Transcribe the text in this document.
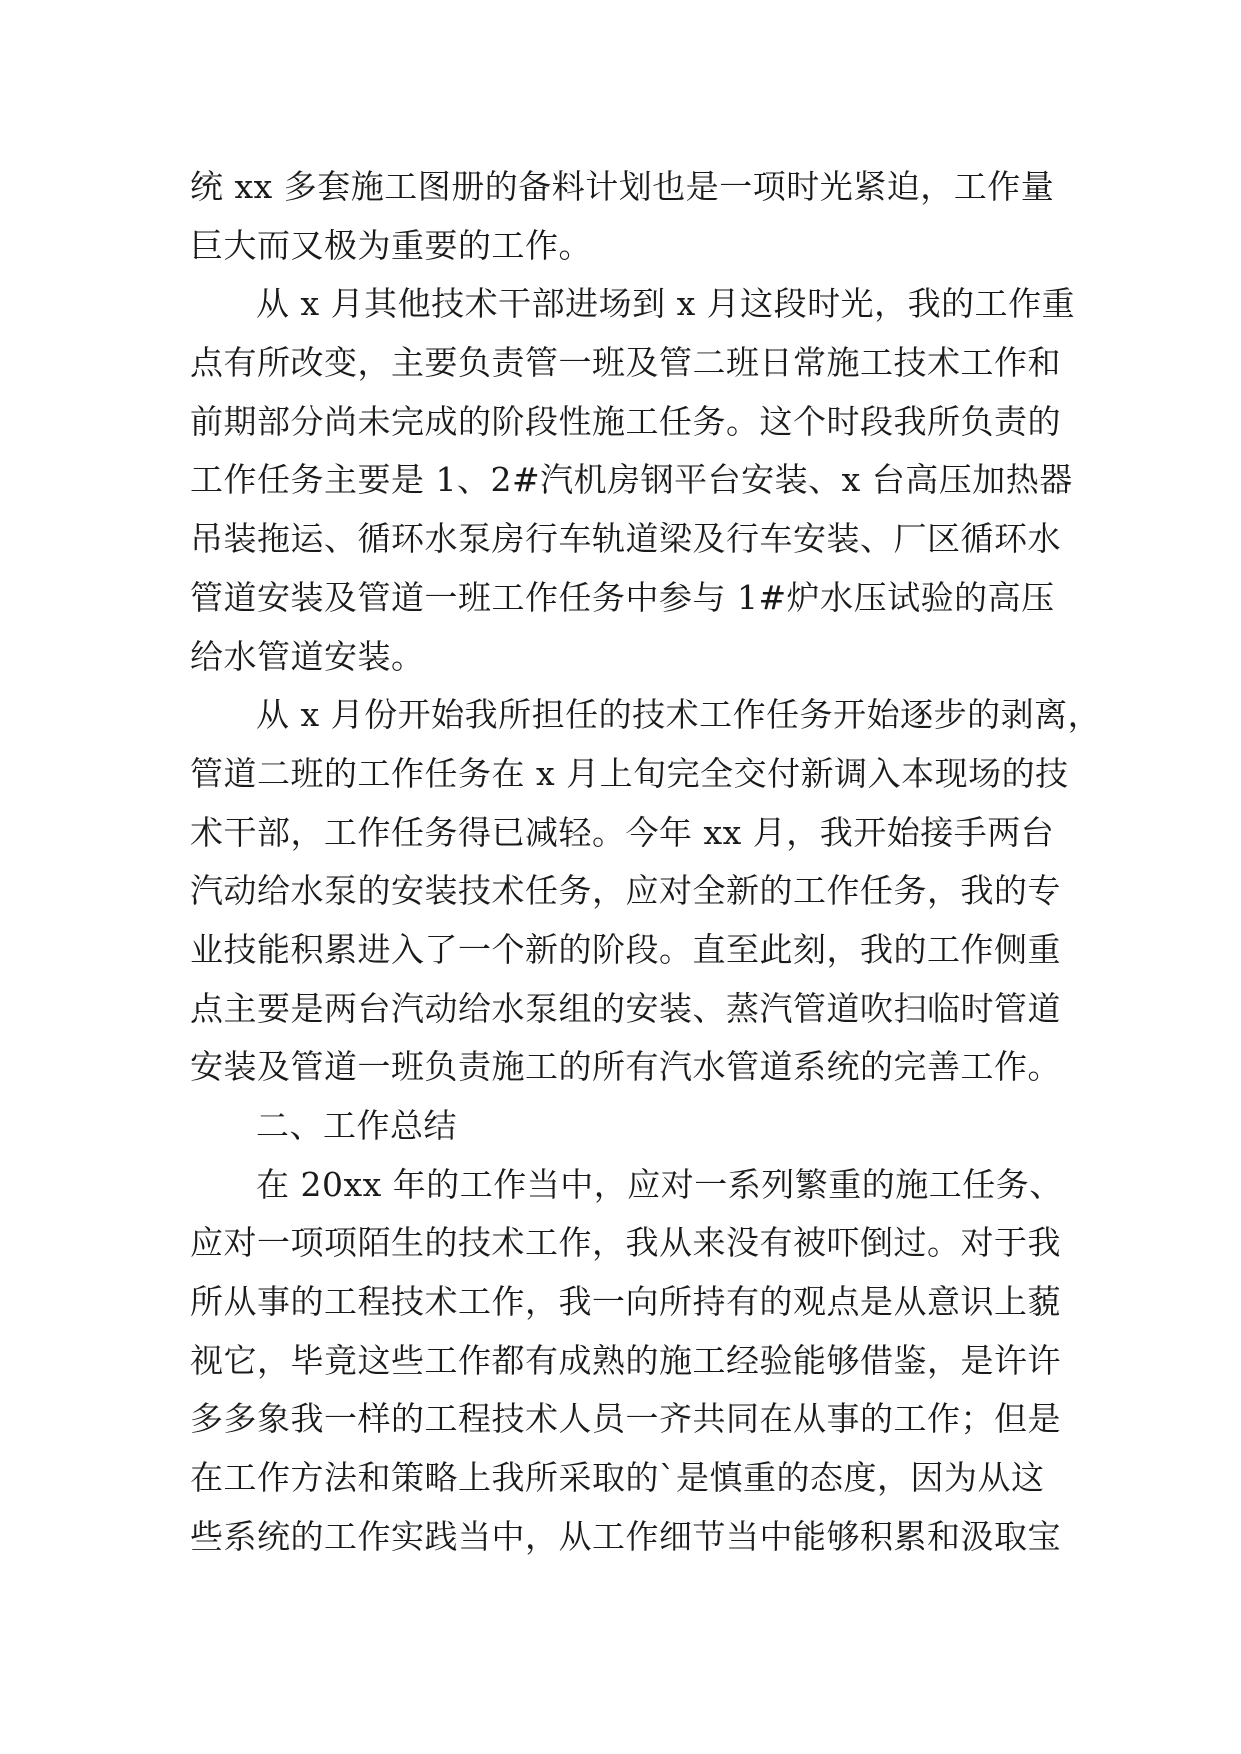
统 xx 多套施工图册的备料计划也是一项时光紧迫，工作量
巨大而又极为重要的工作。
从 x 月其他技术干部进场到 x 月这段时光，我的工作重
点有所改变，主要负责管一班及管二班日常施工技术工作和
前期部分尚未完成的阶段性施工任务。这个时段我所负责的
工作任务主要是 1、2#汽机房钢平台安装、x 台高压加热器
吊装拖运、循环水泵房行车轨道梁及行车安装、厂区循环水
管道安装及管道一班工作任务中参与 1#炉水压试验的高压
给水管道安装。
从 x 月份开始我所担任的技术工作任务开始逐步的剥离，
管道二班的工作任务在 x 月上旬完全交付新调入本现场的技
术干部，工作任务得已减轻。今年 xx 月，我开始接手两台
汽动给水泵的安装技术任务，应对全新的工作任务，我的专
业技能积累进入了一个新的阶段。直至此刻，我的工作侧重
点主要是两台汽动给水泵组的安装、蒸汽管道吹扫临时管道
安装及管道一班负责施工的所有汽水管道系统的完善工作。
二、工作总结
在 20xx 年的工作当中，应对一系列繁重的施工任务、
应对一项项陌生的技术工作，我从来没有被吓倒过。对于我
所从事的工程技术工作，我一向所持有的观点是从意识上藐
视它，毕竟这些工作都有成熟的施工经验能够借鉴，是许许
多多象我一样的工程技术人员一齐共同在从事的工作；但是
在工作方法和策略上我所采取的`是慎重的态度，因为从这
些系统的工作实践当中，从工作细节当中能够积累和汲取宝
